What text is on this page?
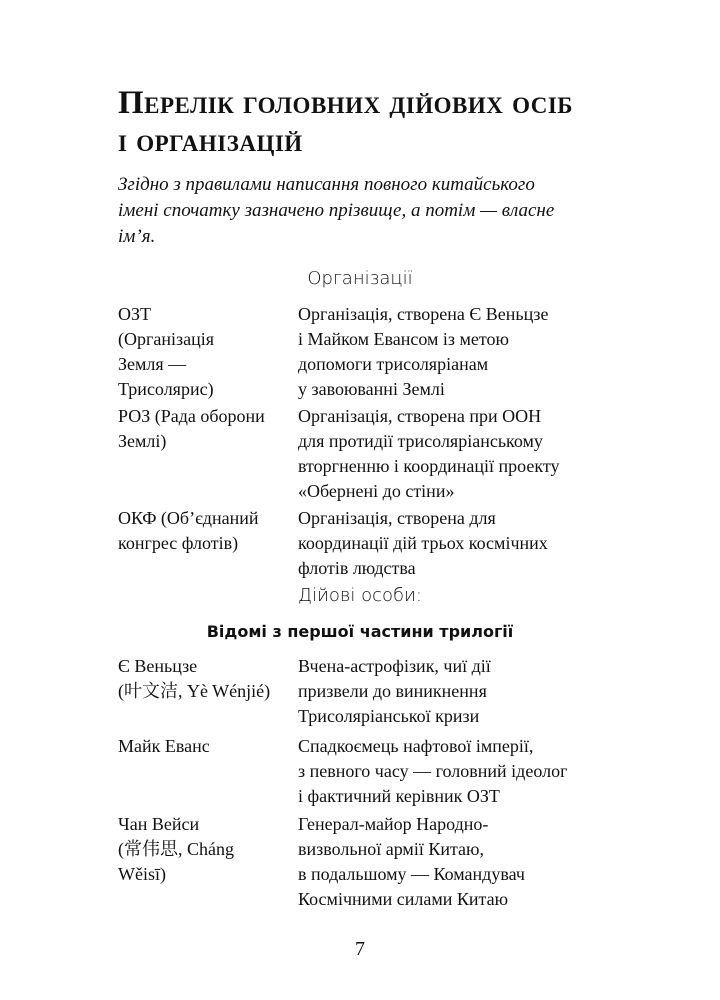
Перелік головних дійових осіб
і організацій

Згідно з правилами написання повного китайського
імені спочатку зазначено прізвище, а потім — власне
ім’я.

Організації
ОЗТ
(Організація
Земля —
Трисолярис)
Організація, створена Є Веньцзе
і Майком Евансом із метою
допомоги трисоляріанам
у завоюванні Землі
РОЗ (Рада оборони
Землі)
Організація, створена при ООН
для протидії трисоляріанському
вторгненню і координації проекту
«Обернені до стіни»
ОКФ (Об’єднаний
конгрес флотів)
Організація, створена для
координації дій трьох космічних
флотів людства
Дійові особи:
Відомі з першої частини трилогії
Є Веньцзе
(叶文洁, Yè Wénjié)
Вчена-астрофізик, чиї дії
призвели до виникнення
Трисоляріанської кризи
Майк Еванс	Спадкоємець нафтової імперії,
з певного часу — головний ідеолог
і фактичний керівник ОЗТ
Чан Вейси
(常伟思, Cháng
Wěisī)
Генерал-майор Народно-
визвольної армії Китаю,
в подальшому — Командувач
Космічними силами Китаю
7
